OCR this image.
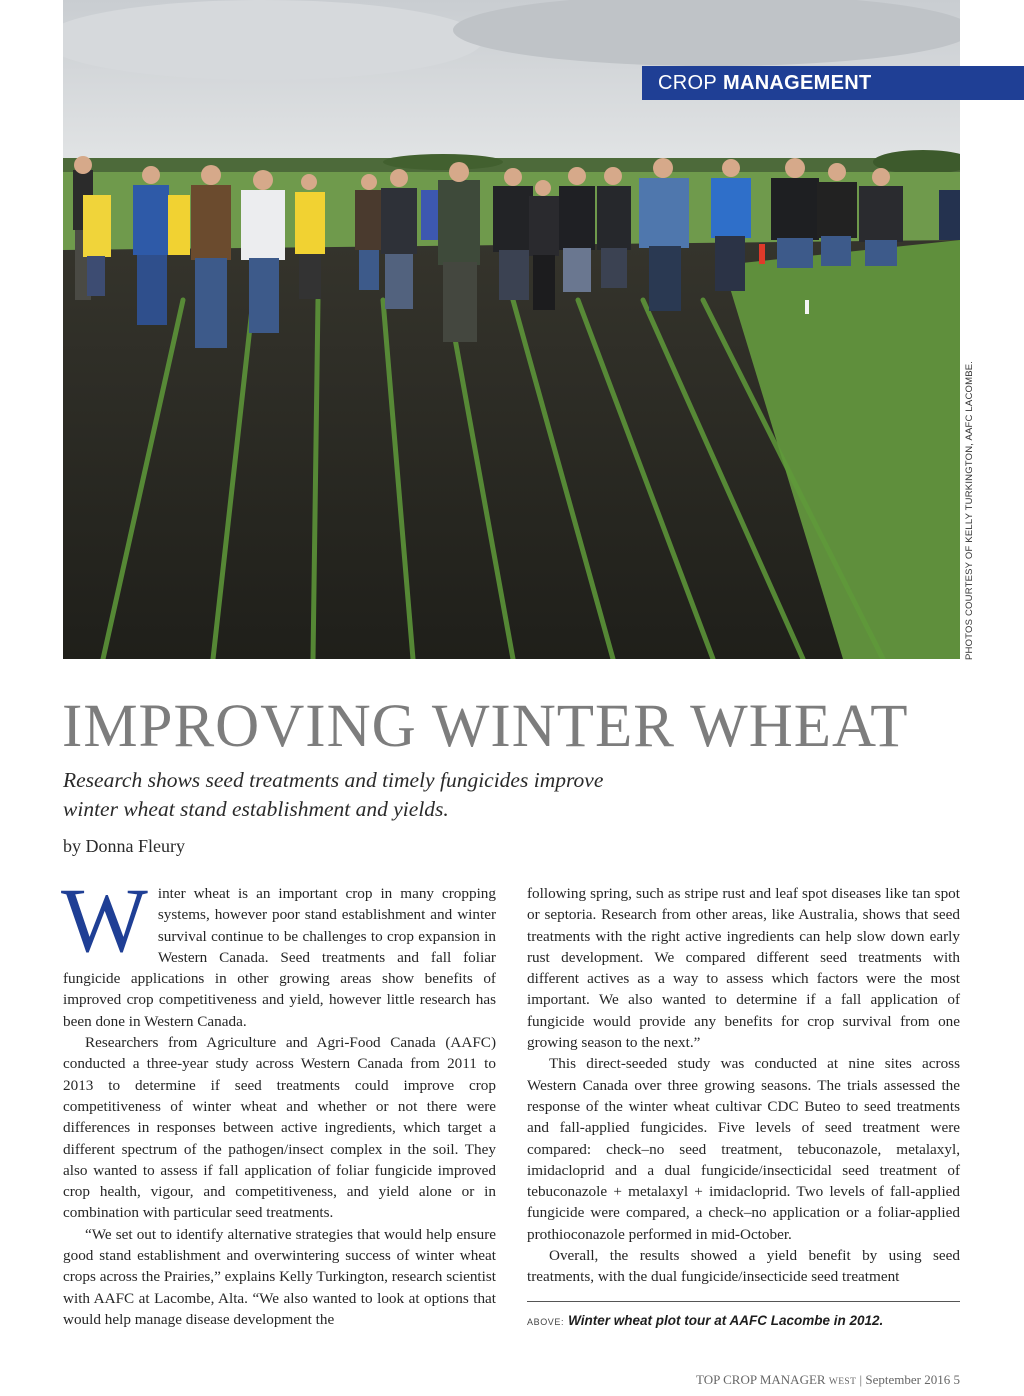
CROP MANAGEMENT
PHOTOS COURTESY OF KELLY TURKINGTON, AAFC LACOMBE.
IMPROVING WINTER WHEAT

Research shows seed treatments and timely fungicides improve
winter wheat stand establishment and yields.

by Donna Fleury

Winter wheat is an important crop in many cropping systems, however poor stand establishment and winter survival continue to be challenges to crop expansion in Western Canada. Seed treatments and fall foliar fungicide applications in other growing areas show benefits of improved crop competitiveness and yield, however little research has been done in Western Canada.

Researchers from Agriculture and Agri-Food Canada (AAFC) conducted a three-year study across Western Canada from 2011 to 2013 to determine if seed treatments could improve crop competitiveness of winter wheat and whether or not there were differences in responses between active ingredients, which target a different spectrum of the pathogen/insect complex in the soil. They also wanted to assess if fall application of foliar fungicide improved crop health, vigour, and competitiveness, and yield alone or in combination with particular seed treatments.

“We set out to identify alternative strategies that would help ensure good stand establishment and overwintering success of winter wheat crops across the Prairies,” explains Kelly Turkington, research scientist with AAFC at Lacombe, Alta. “We also wanted to look at options that would help manage disease development the

following spring, such as stripe rust and leaf spot diseases like tan spot or septoria. Research from other areas, like Australia, shows that seed treatments with the right active ingredients can help slow down early rust development. We compared different seed treatments with different actives as a way to assess which factors were the most important. We also wanted to determine if a fall application of fungicide would provide any benefits for crop survival from one growing season to the next.”

This direct-seeded study was conducted at nine sites across Western Canada over three growing seasons. The trials assessed the response of the winter wheat cultivar CDC Buteo to seed treatments and fall-applied fungicides. Five levels of seed treatment were compared: check–no seed treatment, tebuconazole, metalaxyl, imidacloprid and a dual fungicide/insecticidal seed treatment of tebuconazole + metalaxyl + imidacloprid. Two levels of fall-applied fungicide were compared, a check–no application or a foliar-applied prothioconazole performed in mid-October.

Overall, the results showed a yield benefit by using seed treatments, with the dual fungicide/insecticide seed treatment

ABOVE: Winter wheat plot tour at AAFC Lacombe in 2012.
TOP CROP MANAGER WEST | September 2016 5
